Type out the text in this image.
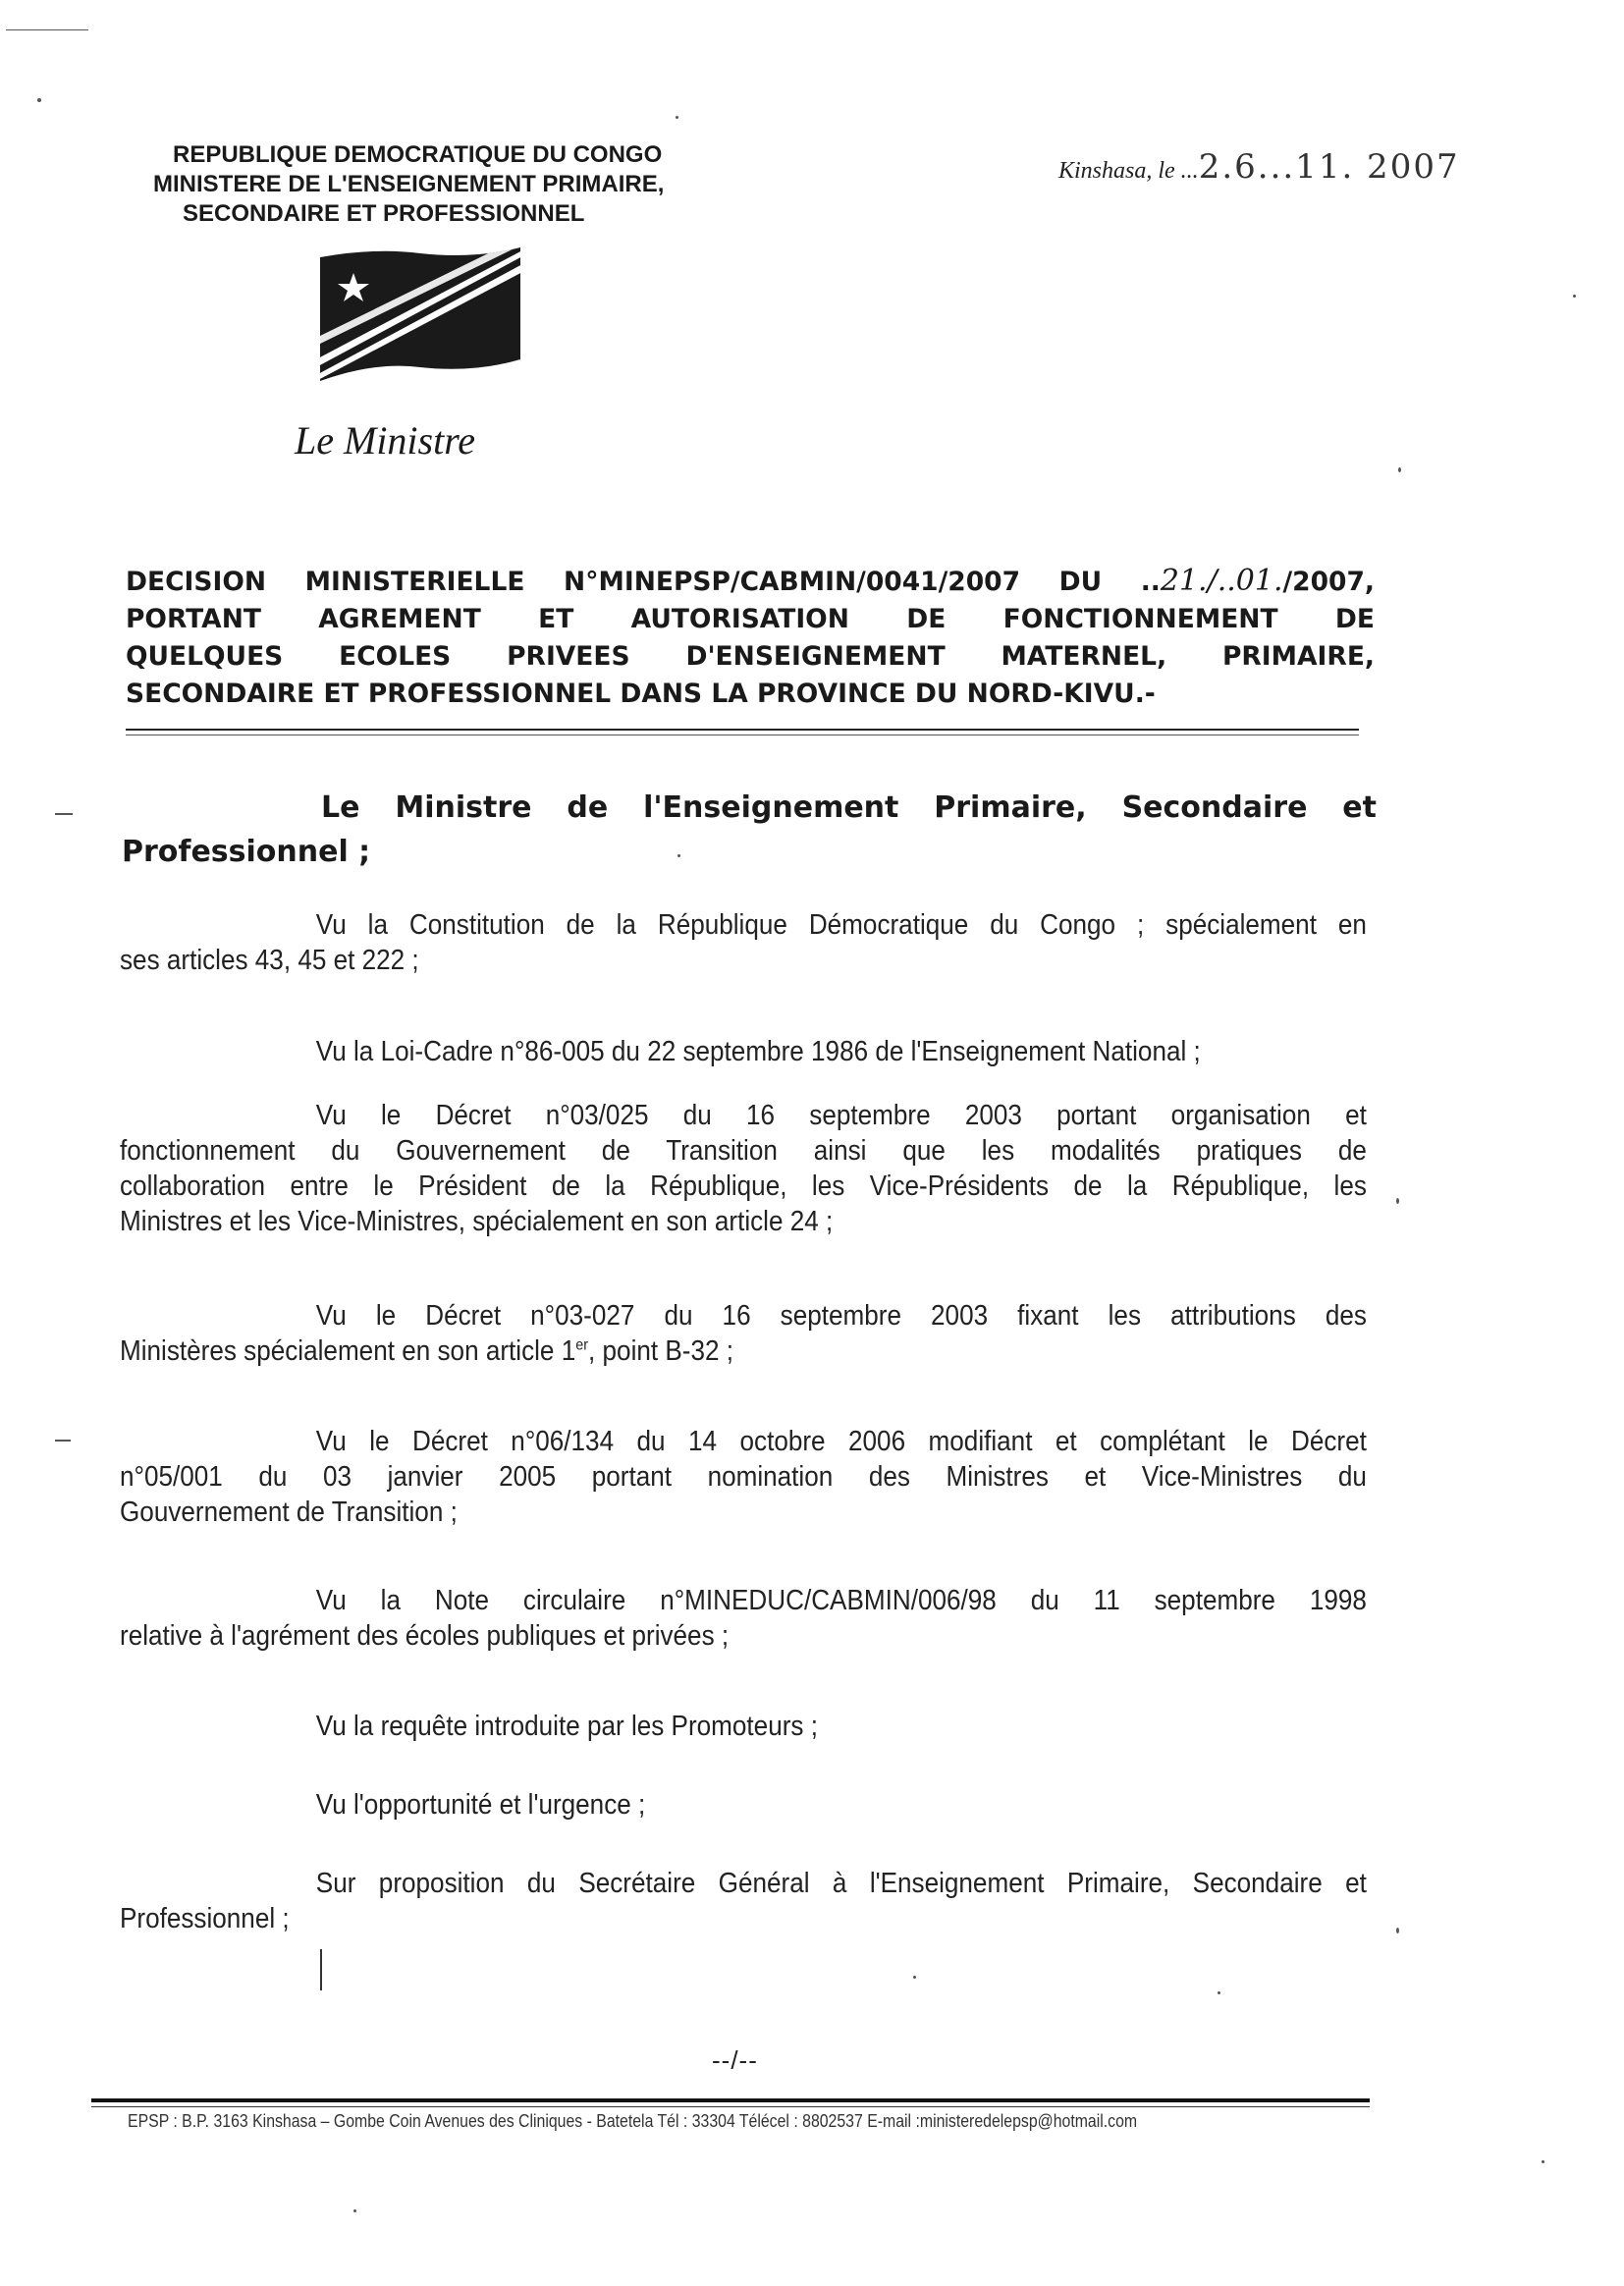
REPUBLIQUE DEMOCRATIQUE DU CONGO
MINISTERE DE L'ENSEIGNEMENT PRIMAIRE,
SECONDAIRE ET PROFESSIONNEL
Kinshasa, le ...2.6...11. 2007
Le Ministre
DECISION MINISTERIELLE N°MINEPSP/CABMIN/0041/2007 DU ..21./..01./2007,
PORTANT AGREMENT ET AUTORISATION DE FONCTIONNEMENT DE
QUELQUES ECOLES PRIVEES D'ENSEIGNEMENT MATERNEL, PRIMAIRE,
SECONDAIRE ET PROFESSIONNEL DANS LA PROVINCE DU NORD-KIVU.-
Le Ministre de l'Enseignement Primaire, Secondaire et
Professionnel ;
Vu la Constitution de la République Démocratique du Congo ; spécialement en
ses articles 43, 45 et 222 ;
Vu la Loi-Cadre n°86-005 du 22 septembre 1986 de l'Enseignement National ;
Vu le Décret n°03/025 du 16 septembre 2003 portant organisation et
fonctionnement du Gouvernement de Transition ainsi que les modalités pratiques de
collaboration entre le Président de la République, les Vice-Présidents de la République, les
Ministres et les Vice-Ministres, spécialement en son article 24 ;
Vu le Décret n°03-027 du 16 septembre 2003 fixant les attributions des
Ministères spécialement en son article 1er, point B-32 ;
Vu le Décret n°06/134 du 14 octobre 2006 modifiant et complétant le Décret
n°05/001 du 03 janvier 2005 portant nomination des Ministres et Vice-Ministres du
Gouvernement de Transition ;
Vu la Note circulaire n°MINEDUC/CABMIN/006/98 du 11 septembre 1998
relative à l'agrément des écoles publiques et privées ;
Vu la requête introduite par les Promoteurs ;
Vu l'opportunité et l'urgence ;
Sur proposition du Secrétaire Général à l'Enseignement Primaire, Secondaire et
Professionnel ;
--/--
EPSP : B.P. 3163 Kinshasa – Gombe Coin Avenues des Cliniques - Batetela Tél : 33304 Télécel : 8802537 E-mail :ministeredelepsp@hotmail.com
